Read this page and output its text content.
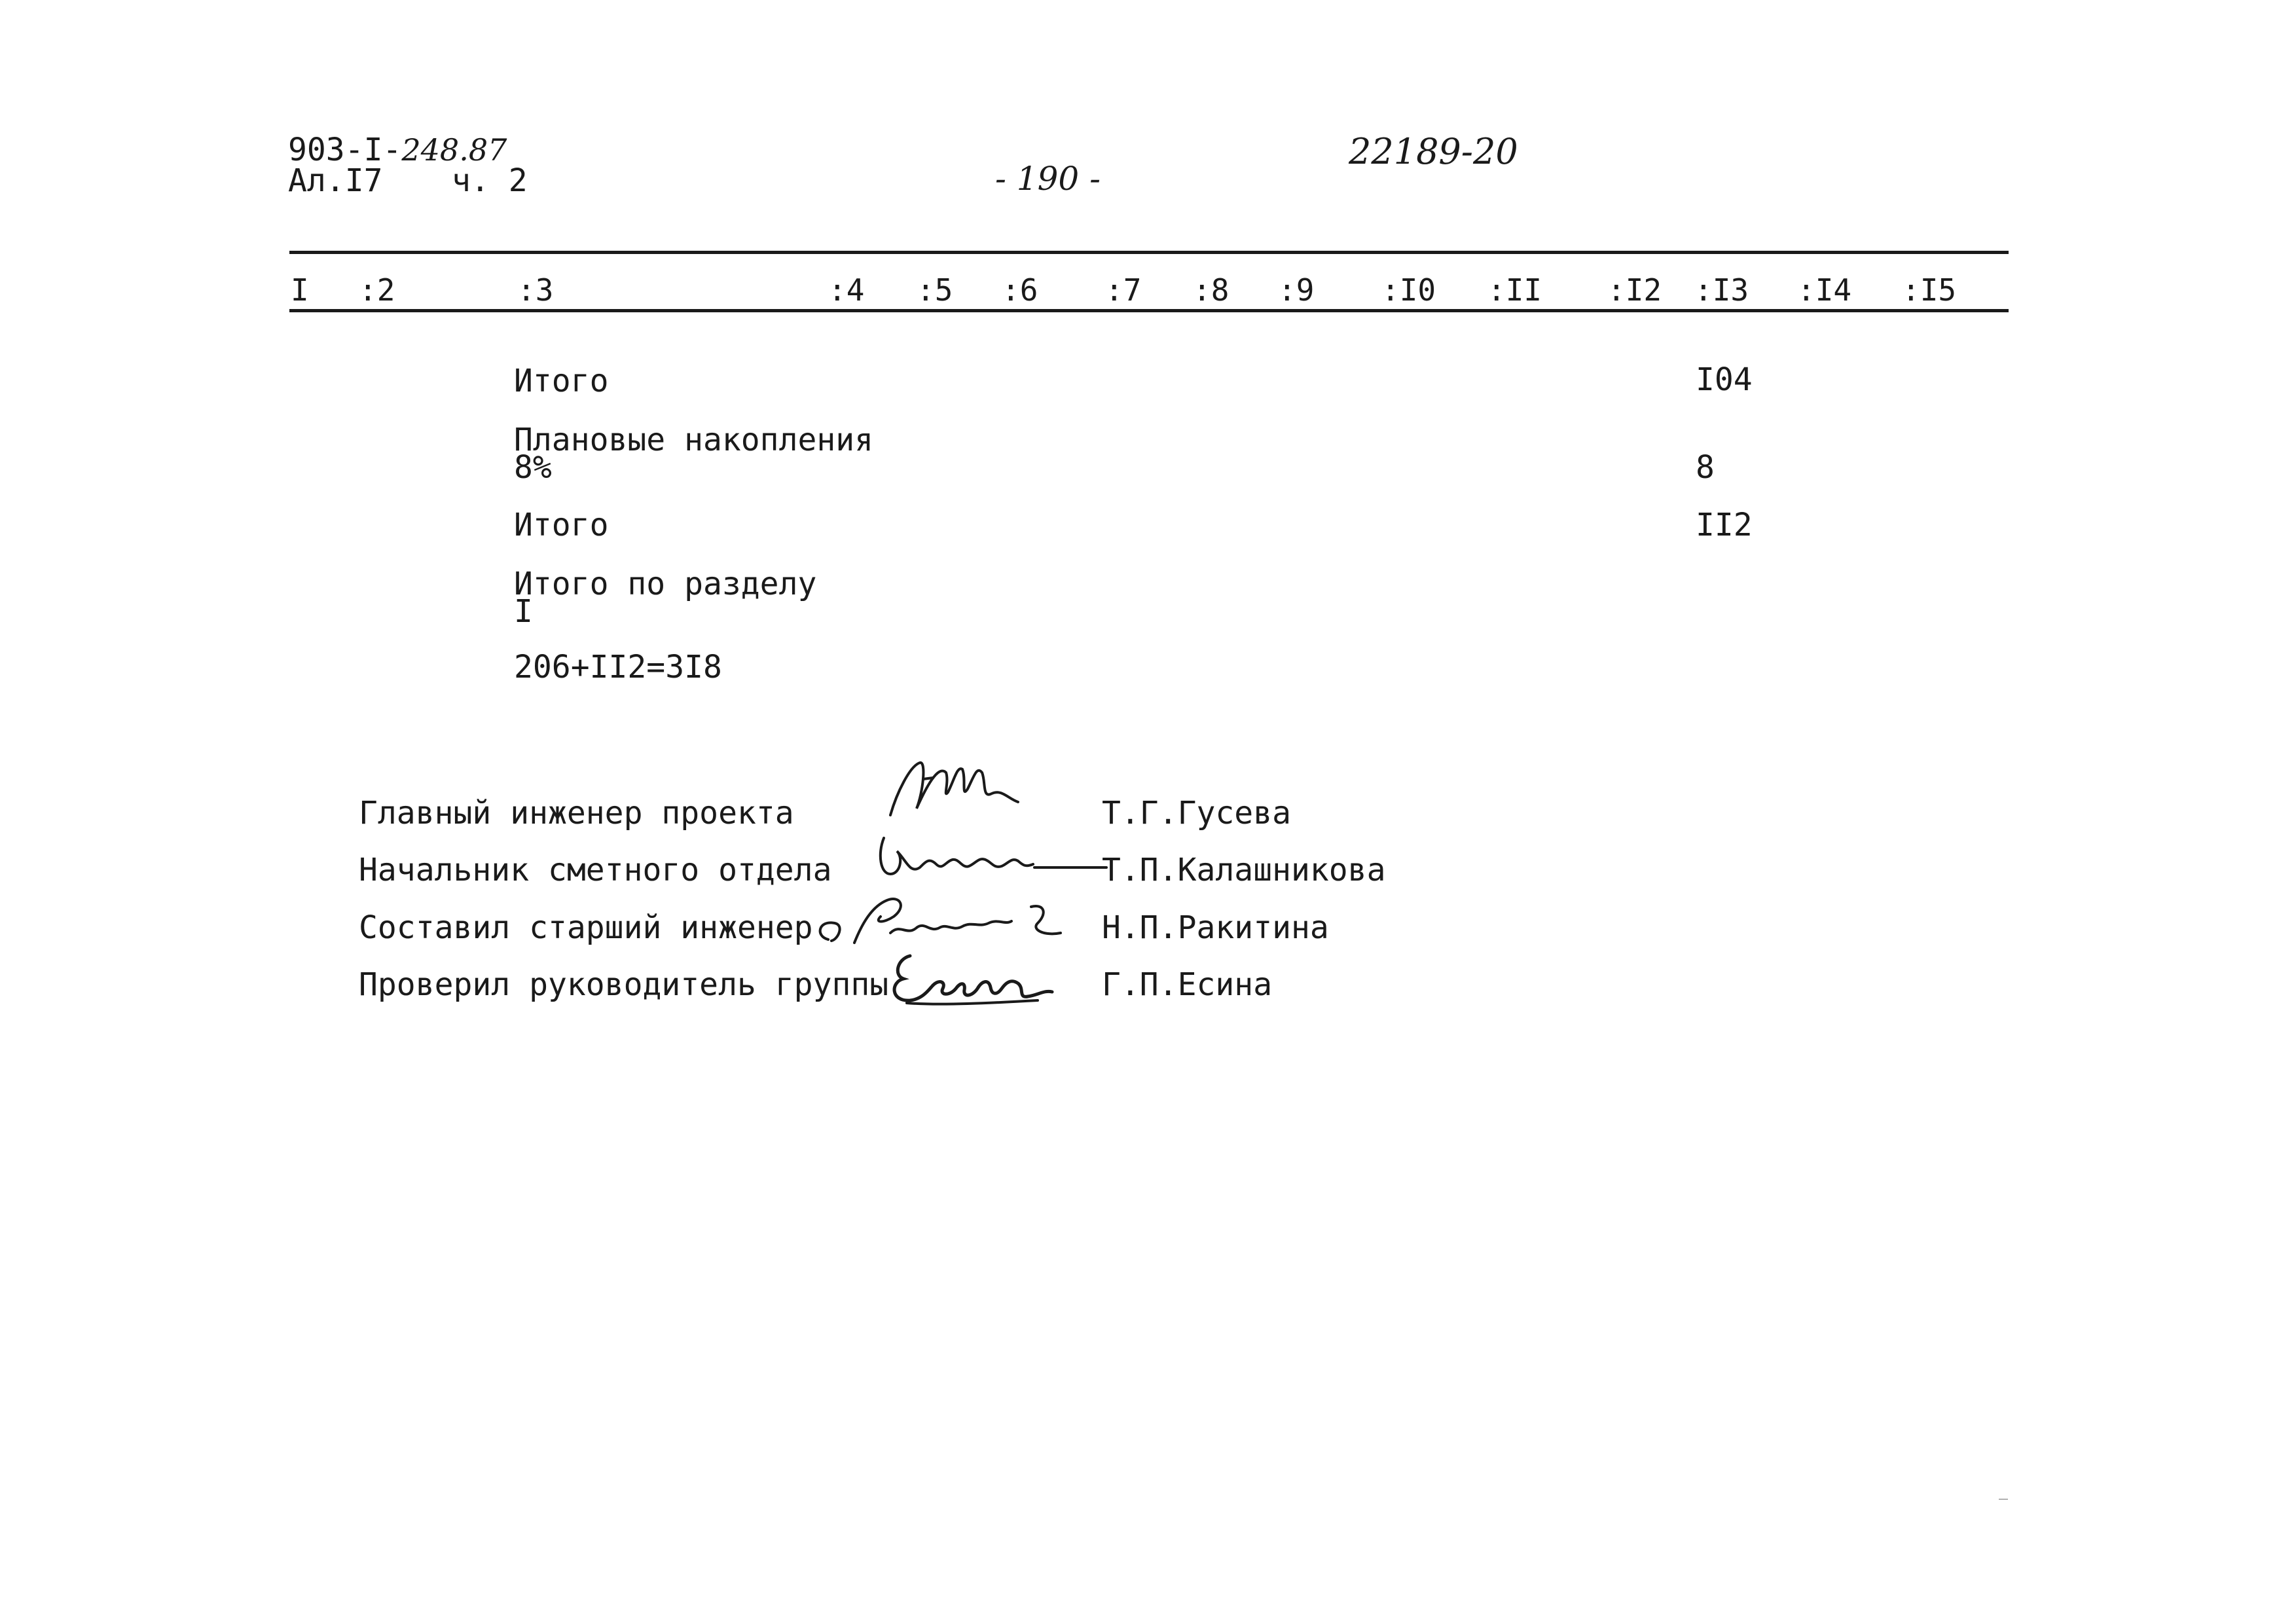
903-I-248.87
Ал.I7 ч. 2	- 190 -
22189-20
I :2	:3	:4 :5 :6 :7 :8 :9 :I0 :II :I2 :I3 :I4 :I5
Итого	I04
Плановые накопления
8%	8
Итого	II2
Итого по разделу
I
206+II2=3I8
Главный инженер проекта	Т.Г.Гусева
Начальник сметного отдела	Т.П.Калашникова
Составил старший инженер	Н.П.Ракитина
Проверил руководитель группы	Г.П.Есина
